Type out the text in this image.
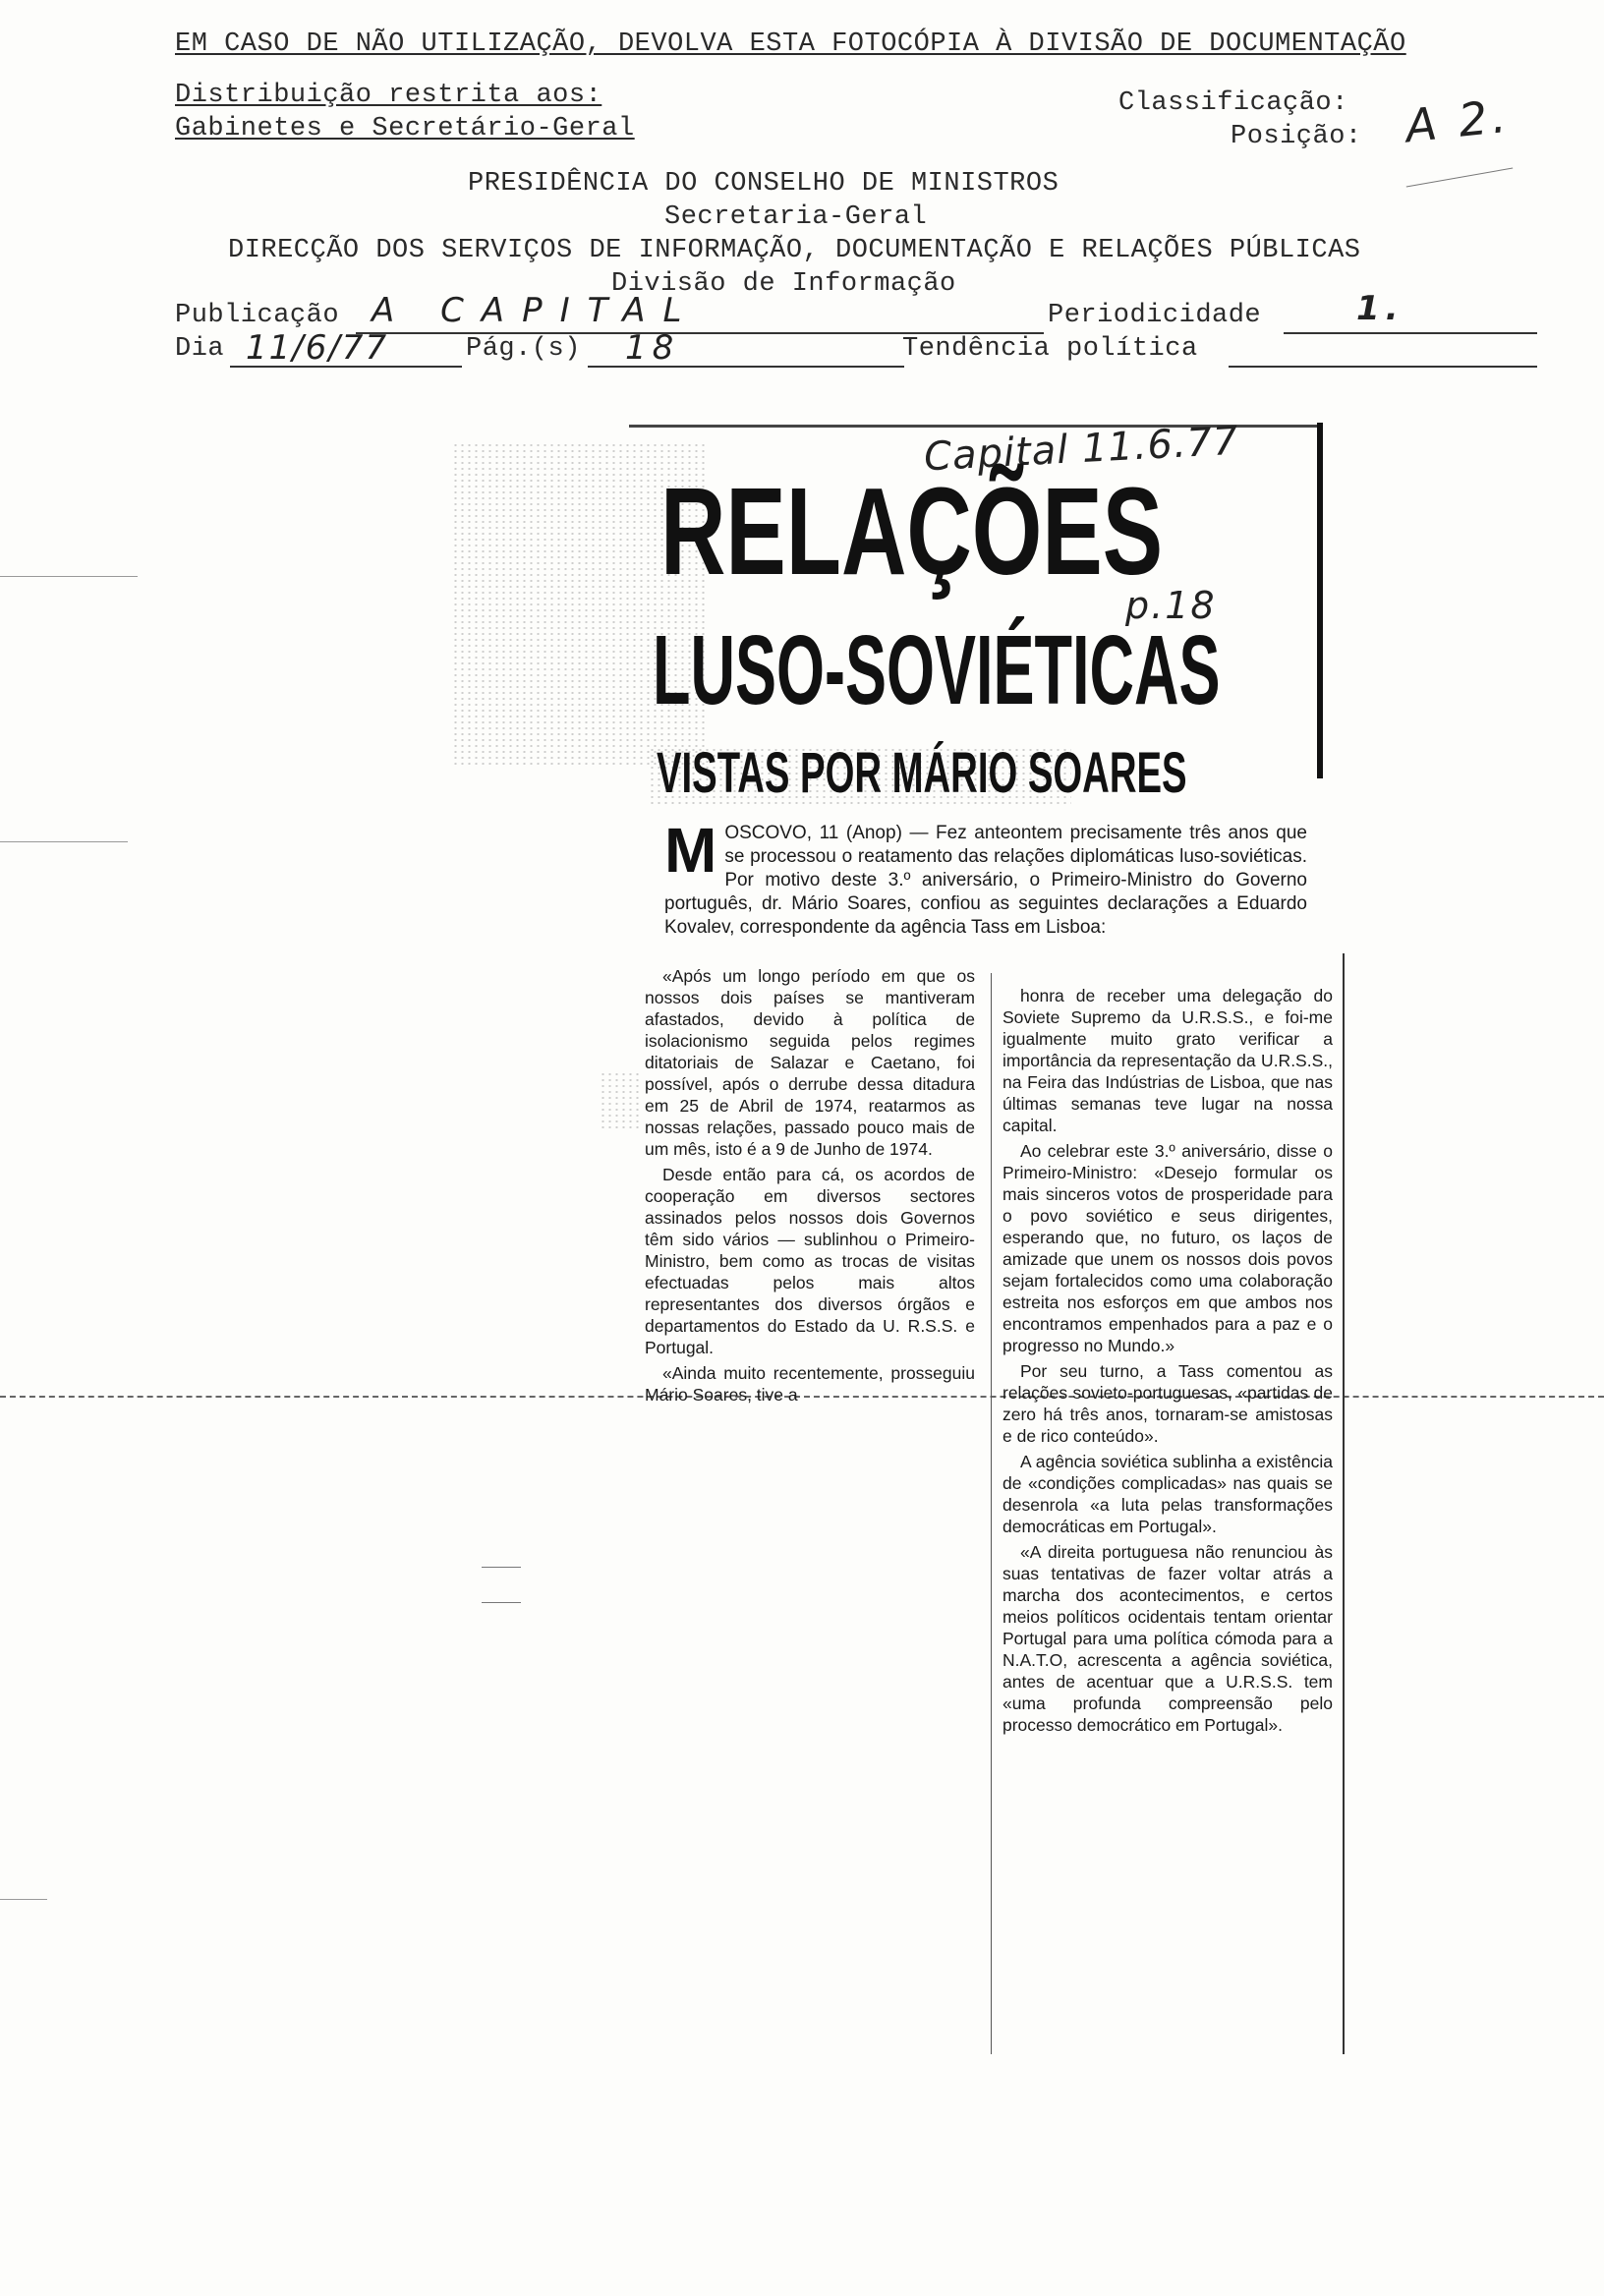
EM CASO DE NÃO UTILIZAÇÃO, DEVOLVA ESTA FOTOCÓPIA À DIVISÃO DE DOCUMENTAÇÃO
Distribuição restrita aos:
Gabinetes e Secretário-Geral
Classificação:
Posição: A 2.
PRESIDÊNCIA DO CONSELHO DE MINISTROS
Secretaria-Geral
DIRECÇÃO DOS SERVIÇOS DE INFORMAÇÃO, DOCUMENTAÇÃO E RELAÇÕES PÚBLICAS
Divisão de Informação
Publicação A CAPITAL	Periodicidade	1.
Dia 11/6/77	Pág.(s) 18	Tendência política
Capital 11.6.77
RELAÇÕES
p.18
LUSO-SOVIÉTICAS
VISTAS POR MÁRIO SOARES
MOSCOVO, 11 (Anop) — Fez anteontem precisamente três anos que se processou o reatamento das relações diplomáticas luso-soviéticas. Por motivo deste 3.º aniversário, o Primeiro-Ministro do Governo português, dr. Mário Soares, confiou as seguintes declarações a Eduardo Kovalev, correspondente da agência Tass em Lisboa:

«Após um longo período em que os nossos dois países se mantiveram afastados, devido à política de isolacionismo seguida pelos regimes ditatoriais de Salazar e Caetano, foi possível, após o derrube dessa ditadura em 25 de Abril de 1974, reatarmos as nossas relações, passado pouco mais de um mês, isto é a 9 de Junho de 1974.

Desde então para cá, os acordos de cooperação em diversos sectores assinados pelos nossos dois Governos têm sido vários — sublinhou o Primeiro-Ministro, bem como as trocas de visitas efectuadas pelos mais altos representantes dos diversos órgãos e departamentos do Estado da U. R.S.S. e Portugal.

«Ainda muito recentemente, prosseguiu Mário Soares, tive a

honra de receber uma delegação do Soviete Supremo da U.R.S.S., e foi-me igualmente muito grato verificar a importância da representação da U.R.S.S., na Feira das Indústrias de Lisboa, que nas últimas semanas teve lugar na nossa capital.

Ao celebrar este 3.º aniversário, disse o Primeiro-Ministro: «Desejo formular os mais sinceros votos de prosperidade para o povo soviético e seus dirigentes, esperando que, no futuro, os laços de amizade que unem os nossos dois povos sejam fortalecidos como uma colaboração estreita nos esforços em que ambos nos encontramos empenhados para a paz e o progresso no Mundo.»

Por seu turno, a Tass comentou as relações sovieto-portuguesas, «partidas de zero há três anos, tornaram-se amistosas e de rico conteúdo».

A agência soviética sublinha a existência de «condições complicadas» nas quais se desenrola «a luta pelas transformações democráticas em Portugal».

«A direita portuguesa não renunciou às suas tentativas de fazer voltar atrás a marcha dos acontecimentos, e certos meios políticos ocidentais tentam orientar Portugal para uma política cómoda para a N.A.T.O, acrescenta a agência soviética, antes de acentuar que a U.R.S.S. tem «uma profunda compreensão pelo processo democrático em Portugal».
